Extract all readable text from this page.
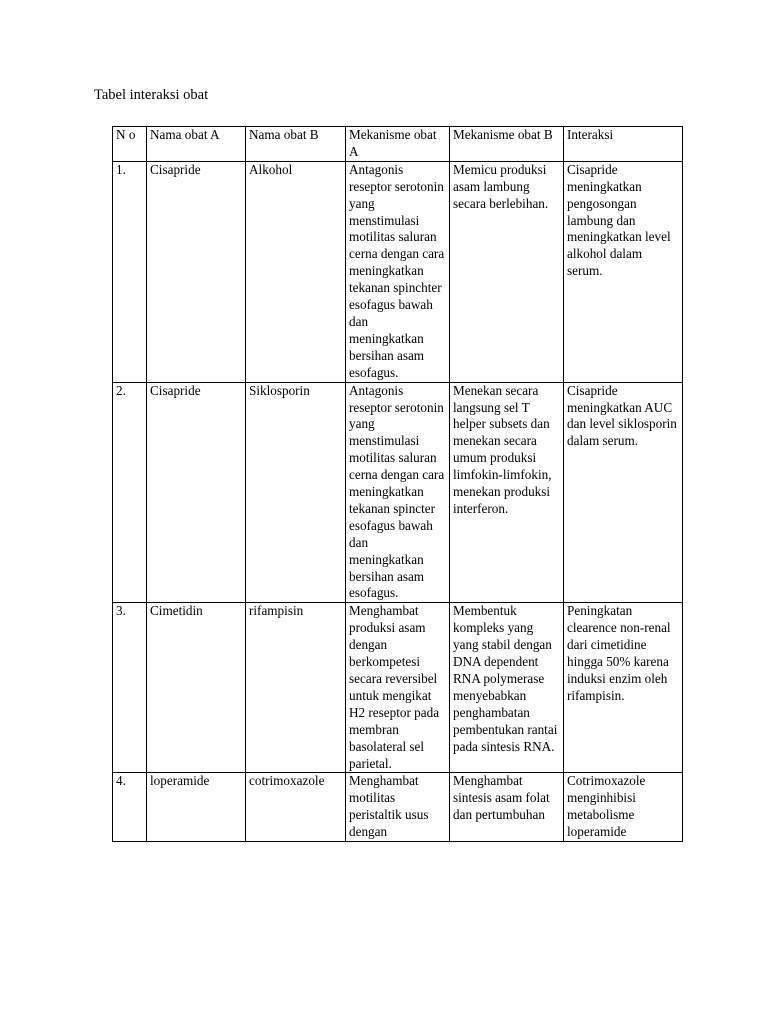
Tabel interaksi obat
N o	Nama obat A	Nama obat B	Mekanisme obat A	Mekanisme obat B	Interaksi
1.	Cisapride	Alkohol	Antagonis reseptor serotonin yang menstimulasi motilitas saluran cerna dengan cara meningkatkan tekanan spinchter esofagus bawah dan meningkatkan bersihan asam esofagus.	Memicu produksi asam lambung secara berlebihan.	Cisapride meningkatkan pengosongan lambung dan meningkatkan level alkohol dalam serum.
2.	Cisapride	Siklosporin	Antagonis reseptor serotonin yang menstimulasi motilitas saluran cerna dengan cara meningkatkan tekanan spincter esofagus bawah dan meningkatkan bersihan asam esofagus.	Menekan secara langsung sel T helper subsets dan menekan secara umum produksi limfokin-limfokin, menekan produksi interferon.	Cisapride meningkatkan AUC dan level siklosporin dalam serum.
3.	Cimetidin	rifampisin	Menghambat produksi asam dengan berkompetesi secara reversibel untuk mengikat H2 reseptor pada membran basolateral sel parietal.	Membentuk kompleks yang yang stabil dengan DNA dependent RNA polymerase menyebabkan penghambatan pembentukan rantai pada sintesis RNA.	Peningkatan clearence non-renal dari cimetidine hingga 50% karena induksi enzim oleh rifampisin.
4.	loperamide	cotrimoxazole	Menghambat motilitas peristaltik usus dengan	Menghambat sintesis asam folat dan pertumbuhan	Cotrimoxazole menginhibisi metabolisme loperamide
